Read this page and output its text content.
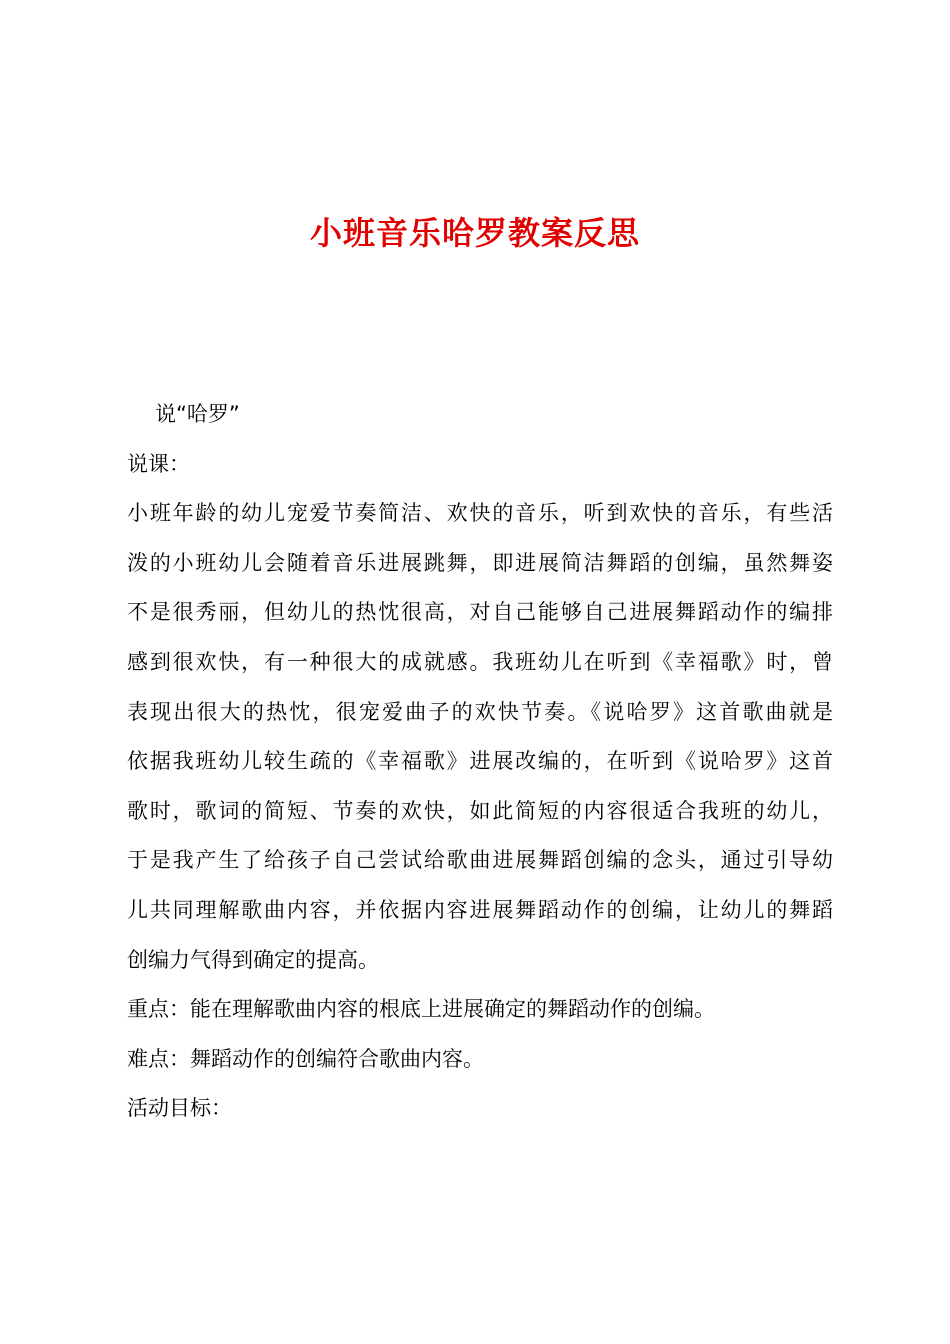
小班音乐哈罗教案反思

说“哈罗”

说课：

小班年龄的幼儿宠爱节奏简洁、欢快的音乐，听到欢快的音乐，有些活

泼的小班幼儿会随着音乐进展跳舞，即进展简洁舞蹈的创编，虽然舞姿

不是很秀丽，但幼儿的热忱很高，对自己能够自己进展舞蹈动作的编排

感到很欢快，有一种很大的成就感。我班幼儿在听到《幸福歌》时，曾

表现出很大的热忱，很宠爱曲子的欢快节奏。《说哈罗》这首歌曲就是

依据我班幼儿较生疏的《幸福歌》进展改编的，在听到《说哈罗》这首

歌时，歌词的简短、节奏的欢快，如此简短的内容很适合我班的幼儿，

于是我产生了给孩子自己尝试给歌曲进展舞蹈创编的念头，通过引导幼

儿共同理解歌曲内容，并依据内容进展舞蹈动作的创编，让幼儿的舞蹈

创编力气得到确定的提高。

重点：能在理解歌曲内容的根底上进展确定的舞蹈动作的创编。

难点：舞蹈动作的创编符合歌曲内容。

活动目标：
